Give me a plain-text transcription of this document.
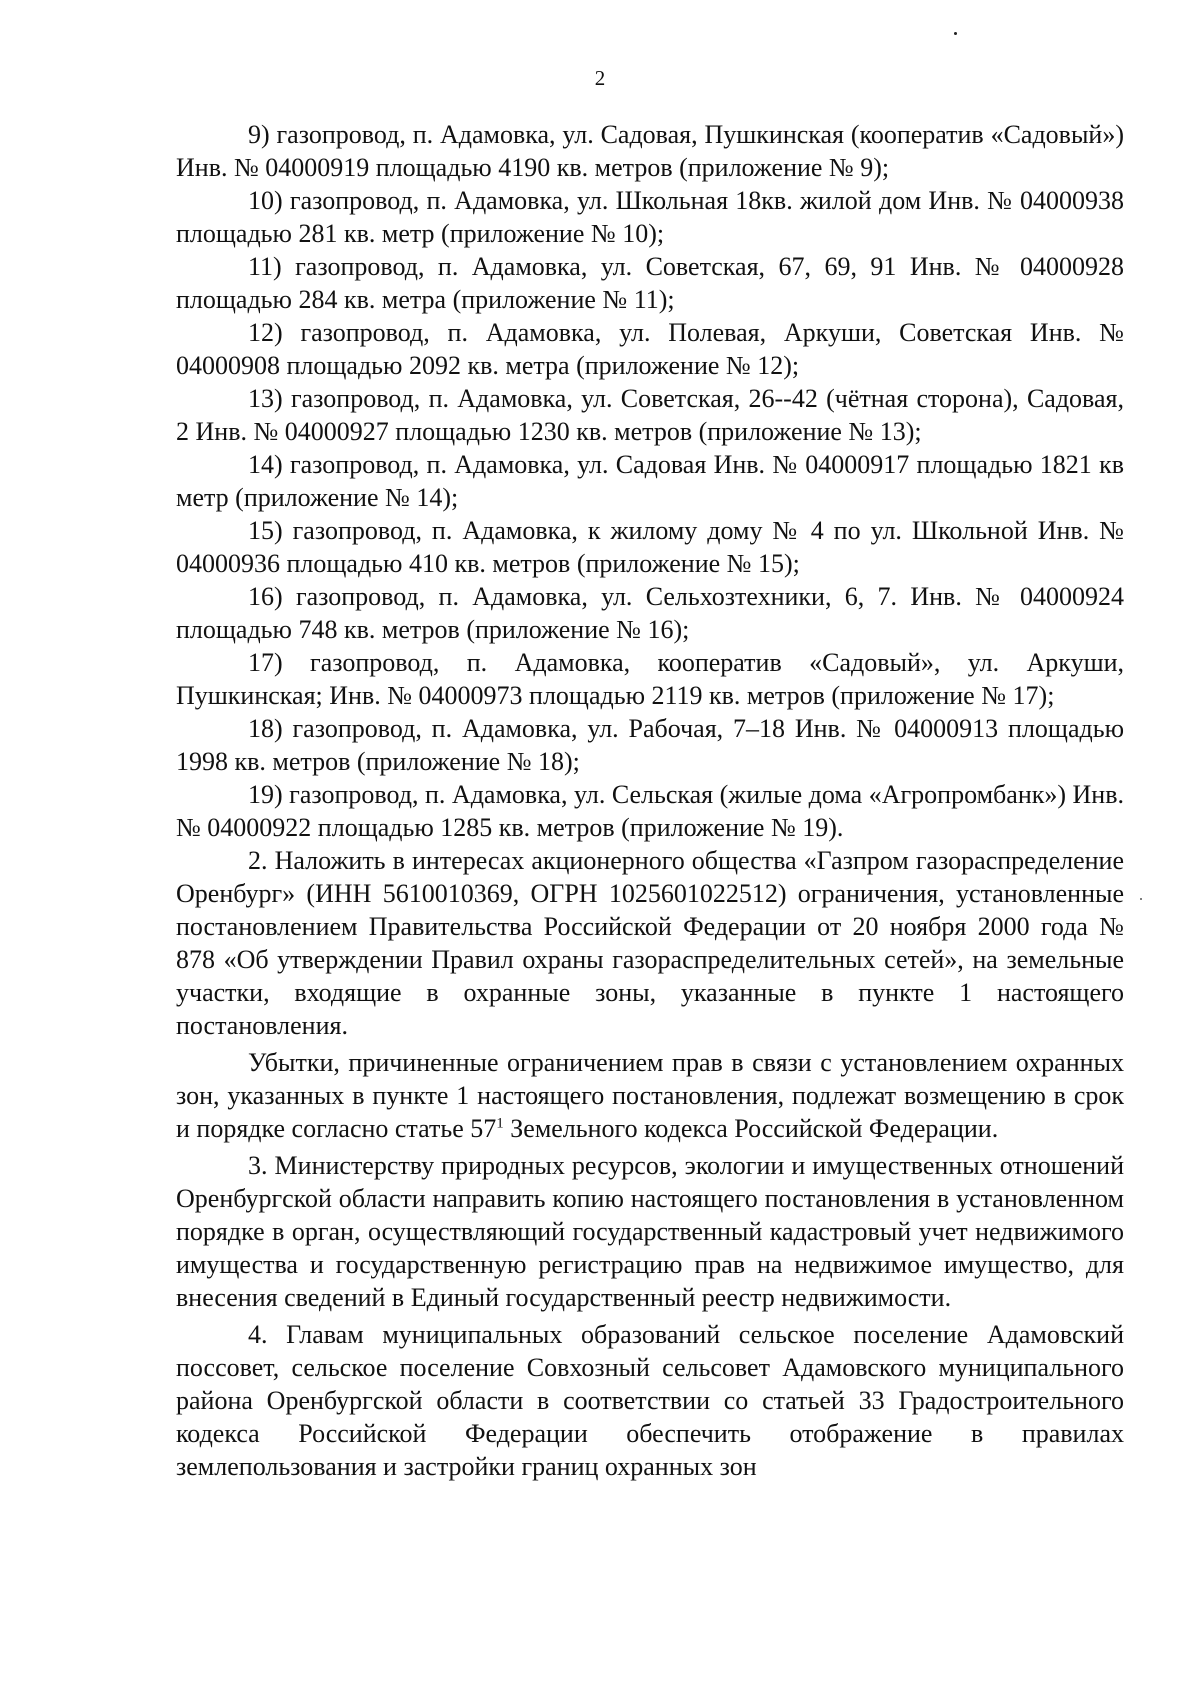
2

9) газопровод, п. Адамовка, ул. Садовая, Пушкинская (кооператив «Садовый») Инв. № 04000919 площадью 4190 кв. метров (приложение № 9);

10) газопровод, п. Адамовка, ул. Школьная 18кв. жилой дом Инв. № 04000938 площадью 281 кв. метр (приложение № 10);

11) газопровод, п. Адамовка, ул. Советская, 67, 69, 91 Инв. № 04000928 площадью 284 кв. метра (приложение № 11);

12) газопровод, п. Адамовка, ул. Полевая, Аркуши, Советская Инв. № 04000908 площадью 2092 кв. метра (приложение № 12);

13) газопровод, п. Адамовка, ул. Советская, 26--42 (чётная сторона), Садовая, 2 Инв. № 04000927 площадью 1230 кв. метров (приложение № 13);

14) газопровод, п. Адамовка, ул. Садовая Инв. № 04000917 площадью 1821 кв метр (приложение № 14);

15) газопровод, п. Адамовка, к жилому дому № 4 по ул. Школьной Инв. № 04000936 площадью 410 кв. метров (приложение № 15);

16) газопровод, п. Адамовка, ул. Сельхозтехники, 6, 7. Инв. № 04000924 площадью 748 кв. метров (приложение № 16);

17) газопровод, п. Адамовка, кооператив «Садовый», ул. Аркуши, Пушкинская; Инв. № 04000973 площадью 2119 кв. метров (приложение № 17);

18) газопровод, п. Адамовка, ул. Рабочая, 7–18 Инв. № 04000913 площадью 1998 кв. метров (приложение № 18);

19) газопровод, п. Адамовка, ул. Сельская (жилые дома «Агропромбанк») Инв. № 04000922 площадью 1285 кв. метров (приложение № 19).

2. Наложить в интересах акционерного общества «Газпром газораспределение Оренбург» (ИНН 5610010369, ОГРН 1025601022512) ограничения, установленные постановлением Правительства Российской Федерации от 20 ноября 2000 года № 878 «Об утверждении Правил охраны газораспределительных сетей», на земельные участки, входящие в охранные зоны, указанные в пункте 1 настоящего постановления.

Убытки, причиненные ограничением прав в связи с установлением охранных зон, указанных в пункте 1 настоящего постановления, подлежат возмещению в срок и порядке согласно статье $57^1$ Земельного кодекса Российской Федерации.

3. Министерству природных ресурсов, экологии и имущественных отношений Оренбургской области направить копию настоящего постановления в установленном порядке в орган, осуществляющий государственный кадастровый учет недвижимого имущества и государственную регистрацию прав на недвижимое имущество, для внесения сведений в Единый государственный реестр недвижимости.

4. Главам муниципальных образований сельское поселение Адамовский поссовет, сельское поселение Совхозный сельсовет Адамовского муниципального района Оренбургской области в соответствии со статьей 33 Градостроительного кодекса Российской Федерации обеспечить отображение в правилах землепользования и застройки границ охранных зон
